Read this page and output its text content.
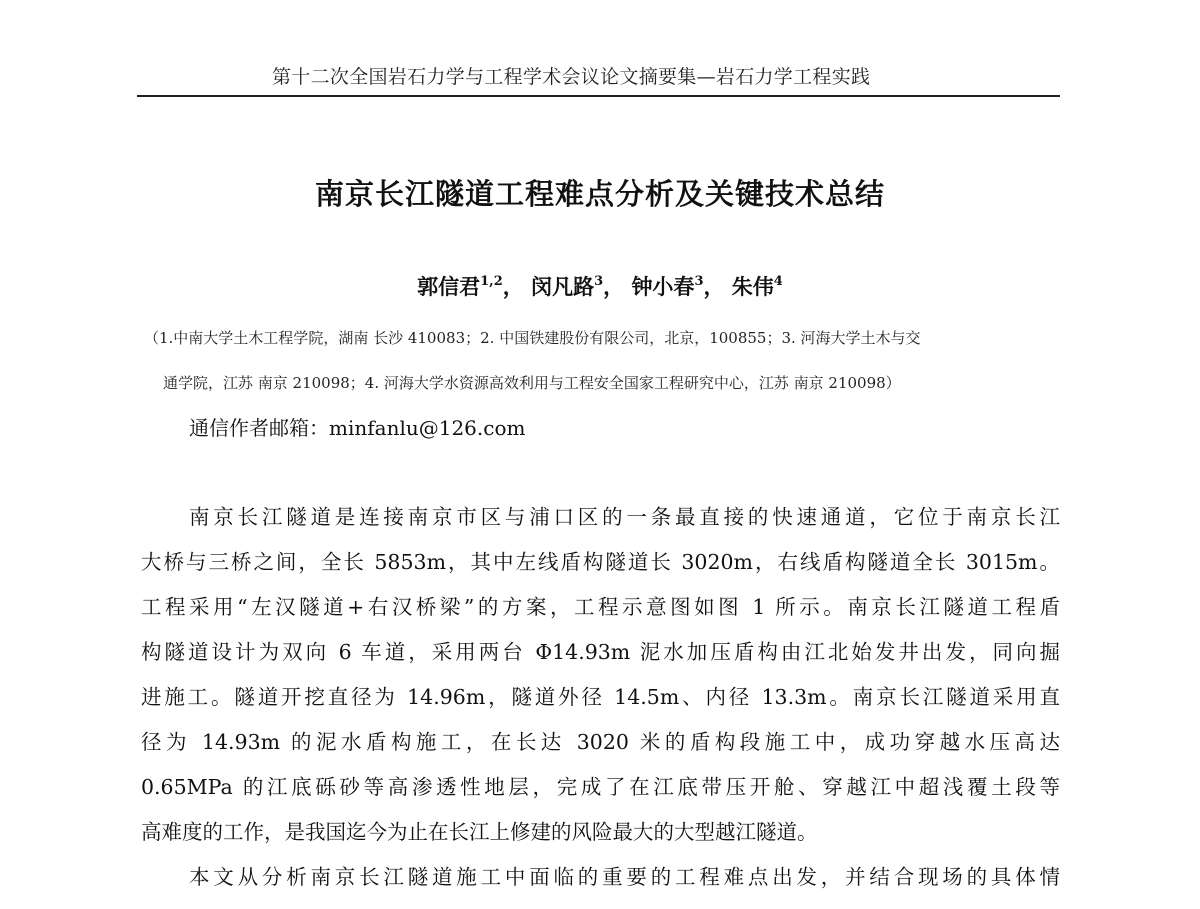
第十二次全国岩石力学与工程学术会议论文摘要集—岩石力学工程实践
南京长江隧道工程难点分析及关键技术总结
郭信君$^{1,2}$， 闵凡路$^3$， 钟小春$^3$， 朱伟$^4$
（1.中南大学土木工程学院，湖南 长沙 410083；2. 中国铁建股份有限公司，北京，100855；3. 河海大学土木与交
通学院，江苏 南京 210098；4. 河海大学水资源高效利用与工程安全国家工程研究中心，江苏 南京 210098）
通信作者邮箱：minfanlu@126.com
南京长江隧道是连接南京市区与浦口区的一条最直接的快速通道，它位于南京长江
大桥与三桥之间，全长 5853m，其中左线盾构隧道长 3020m，右线盾构隧道全长 3015m。
工程采用“左汉隧道+右汉桥梁”的方案，工程示意图如图 1 所示。南京长江隧道工程盾
构隧道设计为双向 6 车道，采用两台 Φ14.93m 泥水加压盾构由江北始发井出发，同向掘
进施工。隧道开挖直径为 14.96m，隧道外径 14.5m、内径 13.3m。南京长江隧道采用直
径为 14.93m 的泥水盾构施工，在长达 3020 米的盾构段施工中，成功穿越水压高达
0.65MPa 的江底砾砂等高渗透性地层，完成了在江底带压开舱、穿越江中超浅覆土段等
高难度的工作，是我国迄今为止在长江上修建的风险最大的大型越江隧道。
本文从分析南京长江隧道施工中面临的重要的工程难点出发，并结合现场的具体情
